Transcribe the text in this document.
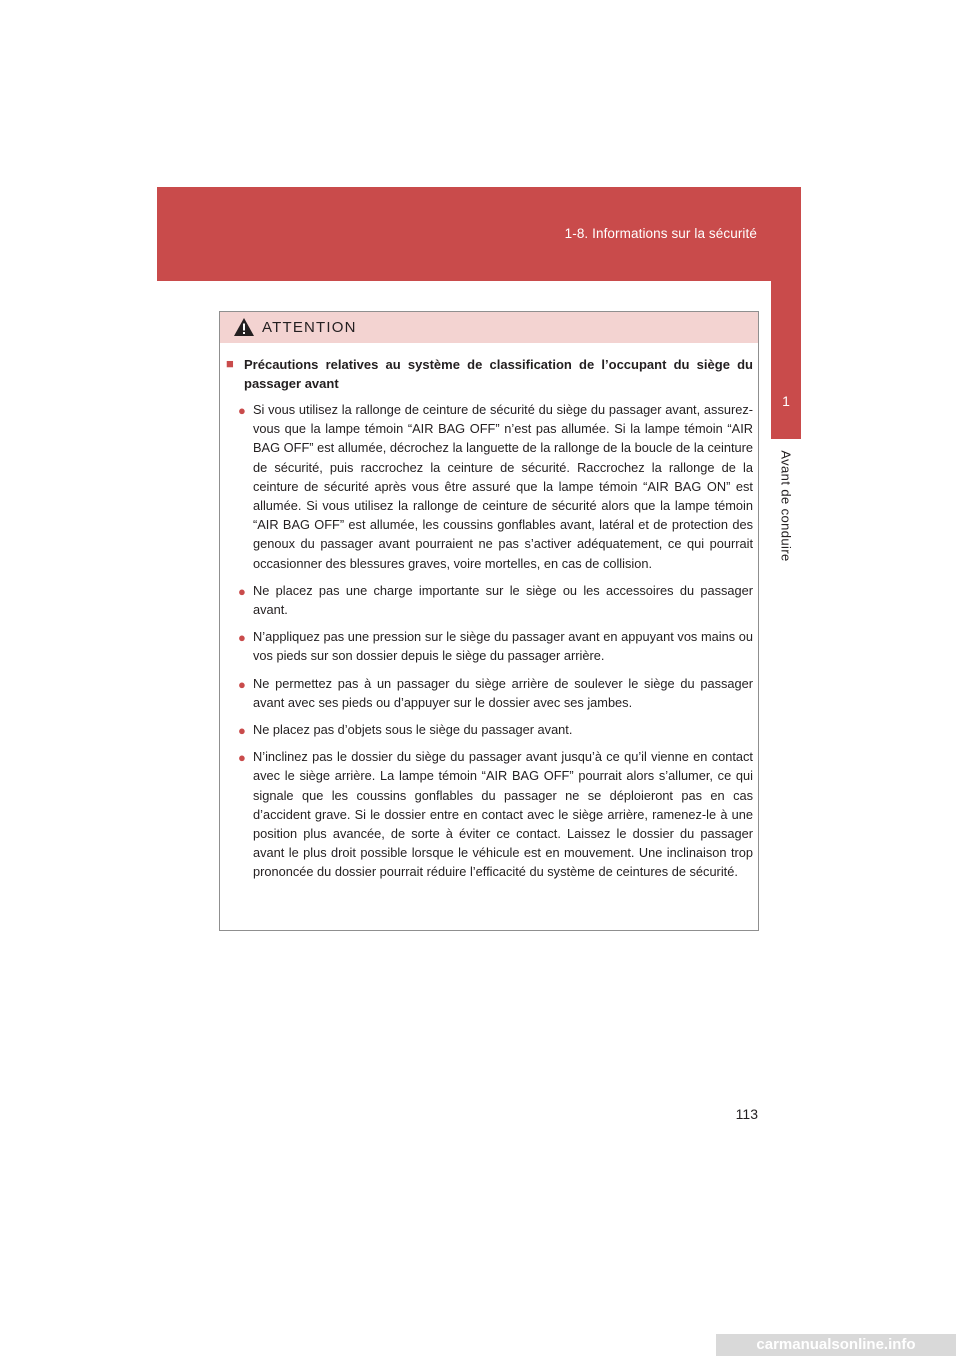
1-8. Informations sur la sécurité
1
Avant de conduire
ATTENTION
■ Précautions relatives au système de classification de l’occupant du siège du passager avant
● Si vous utilisez la rallonge de ceinture de sécurité du siège du passager avant, assurez-vous que la lampe témoin “AIR BAG OFF” n’est pas allumée. Si la lampe témoin “AIR BAG OFF” est allumée, décrochez la languette de la rallonge de la boucle de la ceinture de sécurité, puis raccrochez la ceinture de sécurité. Raccrochez la rallonge de la ceinture de sécurité après vous être assuré que la lampe témoin “AIR BAG ON” est allumée. Si vous utilisez la rallonge de ceinture de sécurité alors que la lampe témoin “AIR BAG OFF” est allumée, les coussins gonflables avant, latéral et de protection des genoux du passager avant pourraient ne pas s’activer adéquatement, ce qui pourrait occasionner des blessures graves, voire mortelles, en cas de collision.
● Ne placez pas une charge importante sur le siège ou les accessoires du passager avant.
● N’appliquez pas une pression sur le siège du passager avant en appuyant vos mains ou vos pieds sur son dossier depuis le siège du passager arrière.
● Ne permettez pas à un passager du siège arrière de soulever le siège du passager avant avec ses pieds ou d’appuyer sur le dossier avec ses jambes.
● Ne placez pas d’objets sous le siège du passager avant.
● N’inclinez pas le dossier du siège du passager avant jusqu’à ce qu’il vienne en contact avec le siège arrière. La lampe témoin “AIR BAG OFF” pourrait alors s’allumer, ce qui signale que les coussins gonflables du passager ne se déploieront pas en cas d’accident grave. Si le dossier entre en contact avec le siège arrière, ramenez-le à une position plus avancée, de sorte à éviter ce contact. Laissez le dossier du passager avant le plus droit possible lorsque le véhicule est en mouvement. Une inclinaison trop prononcée du dossier pourrait réduire l’efficacité du système de ceintures de sécurité.
113
carmanualsonline.info
